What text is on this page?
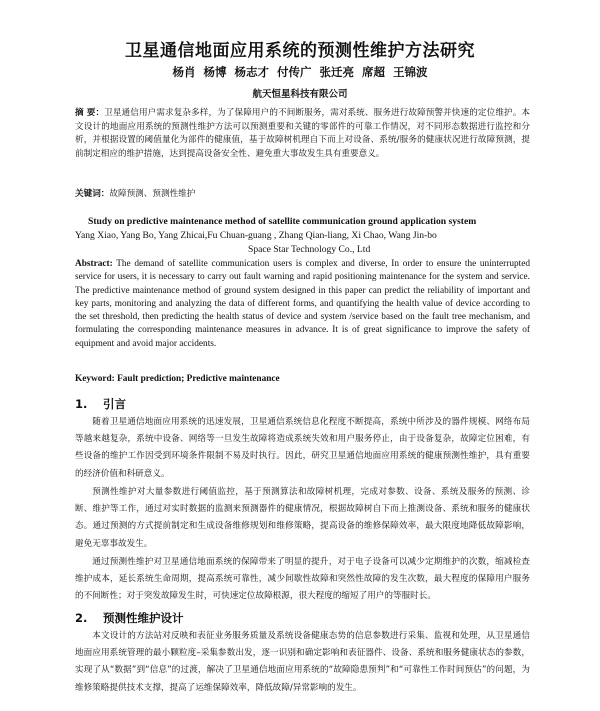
卫星通信地面应用系统的预测性维护方法研究
杨肖 杨博 杨志才 付传广 张迁亮 席超 王锦波
航天恒星科技有限公司
摘 要：卫星通信用户需求复杂多样，为了保障用户的不间断服务，需对系统、服务进行故障预警并快速的定位维护。本文设计的地面应用系统的预测性维护方法可以预测重要和关键的零部件的可靠工作情况，对不同形态数据进行监控和分析，并根据设置的阈值量化为部件的健康值，基于故障树机理自下而上对设备、系统/服务的健康状况进行故障预测，提前制定相应的维护措施，达到提高设备安全性、避免重大事故发生具有重要意义。
关键词：故障预测、预测性维护
Study on predictive maintenance method of satellite communication ground application system
Yang Xiao, Yang Bo, Yang Zhicai,Fu Chuan-guang , Zhang Qian-liang, Xi Chao, Wang Jin-bo
Space Star Technology Co., Ltd
Abstract: The demand of satellite communication users is complex and diverse, In order to ensure the uninterrupted service for users, it is necessary to carry out fault warning and rapid positioning maintenance for the system and service. The predictive maintenance method of ground system designed in this paper can predict the reliability of important and key parts, monitoring and analyzing the data of different forms, and quantifying the health value of device according to the set threshold, then predicting the health status of device and system /service based on the fault tree mechanism, and formulating the corresponding maintenance measures in advance. It is of great significance to improve the safety of equipment and avoid major accidents.
Keyword: Fault prediction; Predictive maintenance
1. 引言
随着卫星通信地面应用系统的迅速发展，卫星通信系统信息化程度不断提高，系统中所涉及的器件规模、网络布局等越来越复杂，系统中设备、网络等一旦发生故障将造成系统失效和用户服务停止，由于设备复杂，故障定位困难，有些设备的维护工作因受到环境条件限制不易及时执行。因此，研究卫星通信地面应用系统的健康预测性维护，具有重要的经济价值和科研意义。
预测性维护对大量参数进行阈值监控，基于预测算法和故障树机理，完成对参数、设备、系统及服务的预测、诊断、维护等工作，通过对实时数据的监测来预测器件的健康情况，根据故障树自下而上推测设备、系统和服务的健康状态。通过预测的方式提前制定和生成设备维修规划和维修策略，提高设备的维修保障效率，最大限度地降低故障影响，避免无辜事故发生。
通过预测性维护对卫星通信地面系统的保障带来了明显的提升，对于电子设备可以减少定期维护的次数，缩减检查维护成本，延长系统生命周期，提高系统可靠性，减少间歇性故障和突然性故障的发生次数，最大程度的保障用户服务的不间断性；对于突发故障发生时，可快速定位故障根源，很大程度的缩短了用户的等服时长。
2. 预测性维护设计
本文设计的方法站对反映和表征业务服务质量及系统设备健康态势的信息参数进行采集、监视和处理，从卫星通信地面应用系统管理的最小颗粒度–采集参数出发，逐一识别和确定影响和表征器件、设备、系统和服务健康状态的参数，实现了从“数据”到“信息”的过渡，解决了卫星通信地面应用系统的“故障隐患预判”和“可靠性工作时间预估”的问题，为维修策略提供技术支撑，提高了运维保障效率，降低故障/异常影响的发生。
